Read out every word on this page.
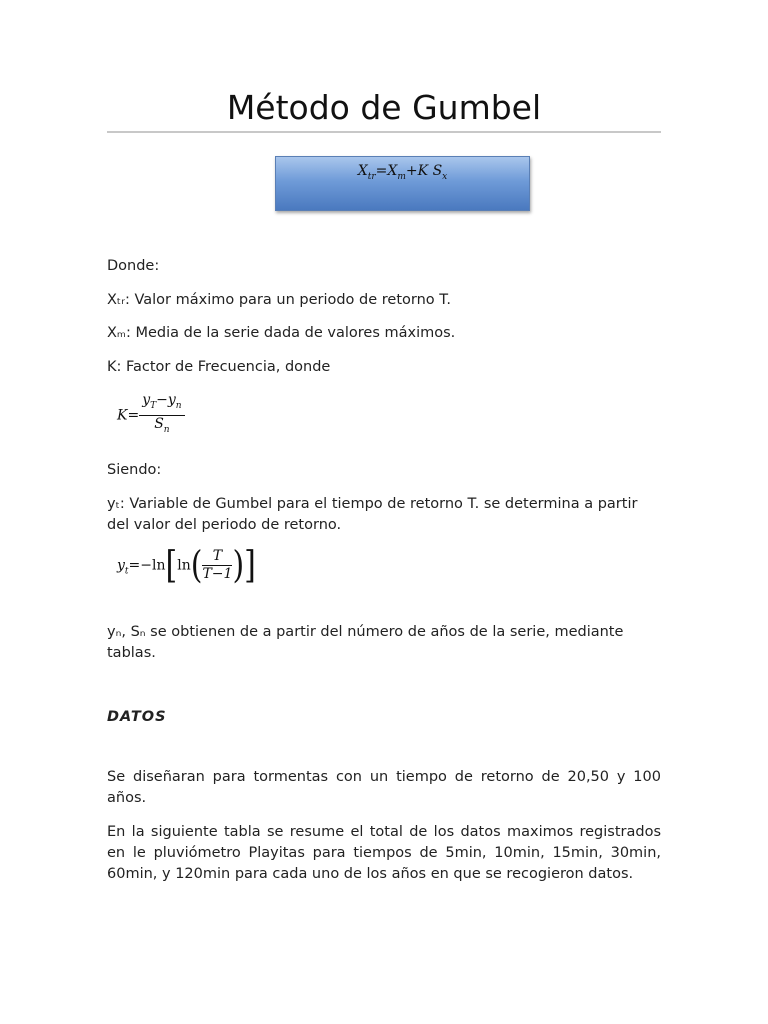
Método de Gumbel
$X_{tr}=X_m+K$ $S_x$
Donde:
Xₜᵣ: Valor máximo para un periodo de retorno T.
Xₘ: Media de la serie dada de valores máximos.
K: Factor de Frecuencia, donde
$K= \frac{y_T-y_n}{S_n}$
Siendo:
yₜ: Variable de Gumbel para el tiempo de retorno T. se determina a partir del valor del periodo de retorno.
$y_t=-\ln[\ln( \frac{T}{T-1}$ )]
yₙ, Sₙ se obtienen de a partir del número de años de la serie, mediante tablas.
DATOS
Se diseñaran para tormentas con un tiempo de retorno de 20,50 y 100 años.
En la siguiente tabla se resume el total de los datos maximos registrados en le pluviómetro Playitas para tiempos de 5min, 10min, 15min, 30min, 60min, y 120min para cada uno de los años en que se recogieron datos.
